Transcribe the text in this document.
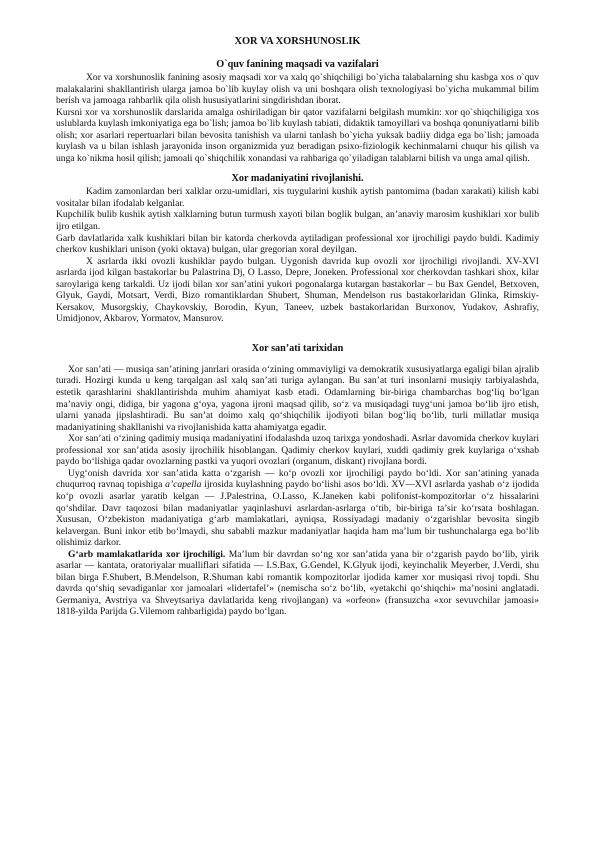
XOR VA XORSHUNOSLIK
O`quv fanining maqsadi va vazifalari

Xor va xorshunoslik fanining asosiy maqsadi xor va xalq qo`shiqchiligi bo`yicha talabalarning shu kasbga xos o`quv malakalarini shakllantirish ularga jamoa bo`lib kuylay olish va uni boshqara olish texnologiyasi bo`yicha mukammal bilim berish va jamoaga rahbarlik qila olish hususiyatlarini singdirishdan iborat.

Kursni xor va xorshunoslik darslarida amalga oshiriladigan bir qator vazifalarni belgilash mumkin: xor qo`shiqchiligiga xos uslublarda kuylash imkoniyatiga ega bo`lish; jamoa bo`lib kuylash tabiati, didaktik tamoyillari va boshqa qonuniyatlarni bilib olish; xor asarlari repertuarlari bilan bevosita tanishish va ularni tanlash bo`yicha yuksak badiiy didga ega bo`lish; jamoada kuylash va u bilan ishlash jarayonida inson organizmida yuz beradigan psixo-fiziologik kechinmalarni chuqur his qilish va unga ko`nikma hosil qilish; jamoali qo`shiqchilik xonandasi va rahbariga qo`yiladigan talablarni bilish va unga amal qilish.

Xor madaniyatini rivojlanishi.

Kadim zamonlardan beri xalklar orzu-umidlari, xis tuygularini kushik aytish pantomima (badan xarakati) kilish kabi vositalar bilan ifodalab kelganlar.

Kupchilik bulib kushik aytish xalklarning butun turmush xayoti bilan boglik bulgan, an’anaviy marosim kushiklari xor bulib ijro etilgan.

Garb davlatlarida xalk kushiklari bilan bir katorda cherkovda aytiladigan professional xor ijrochiligi paydo buldi. Kadimiy cherkov kushiklari unison (yoki oktava) bulgan, ular gregorian xoral deyilgan.

X asrlarda ikki ovozli kushiklar paydo bulgan. Uygonish davrida kup ovozli xor ijrochiligi rivojlandi. XV-XVI asrlarda ijod kilgan bastakorlar bu Palastrina Dj, O Lasso, Depre, Joneken. Professional xor cherkovdan tashkari shox, kilar saroylariga keng tarkaldi. Uz ijodi bilan xor san’atini yukori pogonalarga kutargan bastakorlar – bu Bax Gendel, Betxoven, Glyuk, Gaydi, Motsart, Verdi, Bizo romantiklardan Shubert, Shuman, Mendelson rus bastakorlaridan Glinka, Rimskiy-Kersakov, Musorgskiy, Chaykovskiy, Borodin, Kyun, Taneev, uzbek bastakorlaridan Burxonov, Yudakov, Ashrafiy, Umidjonov, Akbarov, Yormatov, Mansurov.

Xor san’ati tarixidan

Xor san’ati — musiqa san’atining janrlari orasida o‘zining ommaviyligi va demokratik xususiyatlarga egaligi bilan ajralib turadi. Hozirgi kunda u keng tarqalgan asl xalq san’ati turiga aylangan. Bu san’at turi insonlarni musiqiy tarbiyalashda, estetik qarashlarini shakllantirishda muhim ahamiyat kasb etadi. Odamlarning bir-biriga chambarchas bog‘liq bo‘lgan ma’naviy ongi, didiga, bir yagona g‘oya, yagona ijroni maqsad qilib, so‘z va musiqadagi tuyg‘uni jamoa bo‘lib ijro etish, ularni yanada jipslashtiradi. Bu san’at doimo xalq qo‘shiqchilik ijodiyoti bilan bog‘liq bo‘lib, turli millatlar musiqa madaniyatining shakllanishi va rivojlanishida katta ahamiyatga egadir.

Xor san’ati o‘zining qadimiy musiqa madaniyatini ifodalashda uzoq tarixga yondoshadi. Asrlar davomida cherkov kuylari professional xor san’atida asosiy ijrochilik hisoblangan. Qadimiy cherkov kuylari, xuddi qadimiy grek kuylariga o‘xshab paydo bo‘lishiga qadar ovozlarning pastki va yuqori ovozlari (organum, diskant) rivojlana bordi.

Uyg‘onish davrida xor san’atida katta o‘zgarish — ko‘p ovozli xor ijrochiligi paydo bo‘ldi. Xor san’atining yanada chuqurroq ravnaq topishiga a’capella ijrosida kuylashning paydo bo‘lishi asos bo‘ldi. XV—XVI asrlarda yashab o‘z ijodida ko‘p ovozli asarlar yaratib kelgan — J.Palestrina, O.Lasso, K.Janeken kabi polifonist-kompozitorlar o‘z hissalarini qo‘shdilar. Davr taqozosi bilan madaniyatlar yaqinlashuvi asrlardan-asrlarga o‘tib, bir-biriga ta’sir ko‘rsata boshlagan. Xususan, O‘zbekiston madaniyatiga g‘arb mamlakatlari, ayniqsa, Rossiyadagi madaniy o‘zgarishlar bevosita singib kelavergan. Buni inkor etib bo‘lmaydi, shu sababli mazkur madaniyatlar haqida ham ma’lum bir tushunchalarga ega bo‘lib olishimiz darkor.

G‘arb mamlakatlarida xor ijrochiligi. Ma’lum bir davrdan so‘ng xor san’atida yana bir o‘zgarish paydo bo‘lib, yirik asarlar — kantata, oratoriyalar mualliflari sifatida — I.S.Bax, G.Gendel, K.Glyuk ijodi, keyinchalik Meyerber, J.Verdi, shu bilan birga F.Shubert, B.Mendelson, R.Shuman kabi romantik kompozitorlar ijodida kamer xor musiqasi rivoj topdi. Shu davrda qo‘shiq sevadiganlar xor jamoalari «lidertafel’» (nemischa so‘z bo‘lib, «yetakchi qo‘shiqchi» ma’nosini anglatadi. Germaniya, Avstriya va Shveytsariya davlatlarida keng rivojlangan) va «orfeon» (fransuzcha «xor sevuvchilar jamoasi» 1818-yilda Parijda G.Vilemom rahbarligida) paydo bo‘lgan.
